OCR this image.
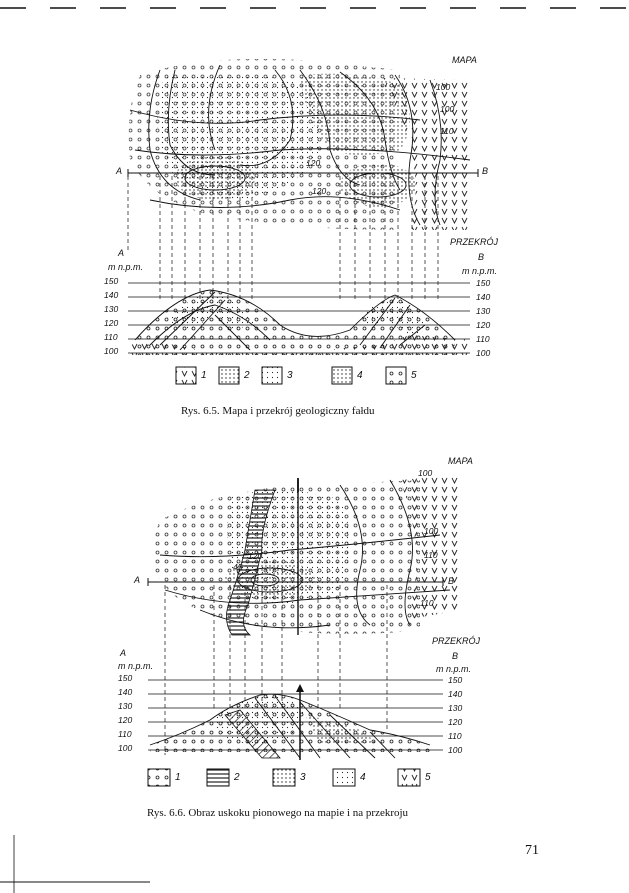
MAPA
100
100
110
120
120
A	B
PRZEKRÓJ
A	B
m n.p.m.	m n.p.m.
150
140
130
120
110
100
150
140
130
120
110
100
1	2	3	4	5
Rys. 6.5. Mapa i przekrój geologiczny fałdu
MAPA
100
100
110
110
120
45
A	B
PRZEKRÓJ
A	B
m n.p.m.	m n.p.m.
150
140
130
120
110
100
150
140
130
120
110
100
1	2	3	4	5
Rys. 6.6. Obraz uskoku pionowego na mapie i na przekroju
71
